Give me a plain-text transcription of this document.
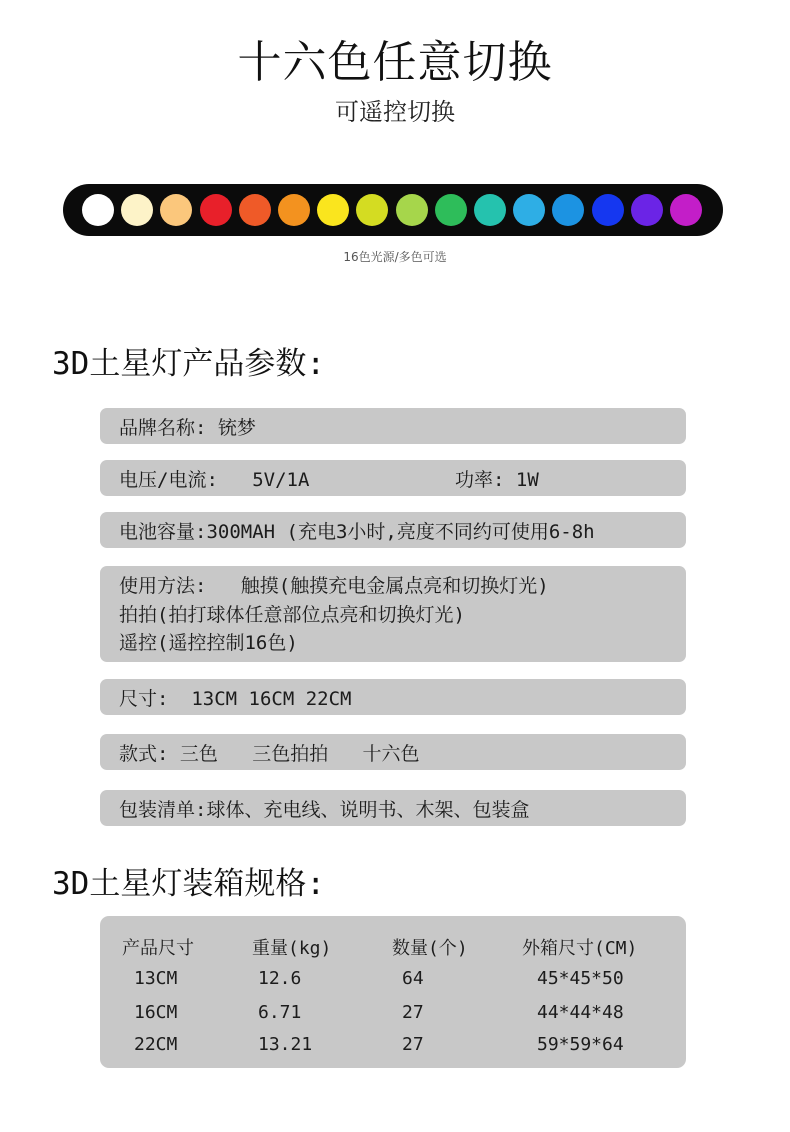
十六色任意切换
可遥控切换
16色光源/多色可选
3D土星灯产品参数:
品牌名称: 铳梦
电压/电流:   5V/1A	功率: 1W
电池容量:300MAH (充电3小时,亮度不同约可使用6-8h
使用方法:   触摸(触摸充电金属点亮和切换灯光)
拍拍(拍打球体任意部位点亮和切换灯光)
遥控(遥控控制16色)
尺寸:  13CM 16CM 22CM
款式: 三色   三色拍拍   十六色
包装清单:球体、充电线、说明书、木架、包装盒
3D土星灯装箱规格:
产品尺寸	重量(kg)	数量(个)	外箱尺寸(CM)
13CM	12.6	64	45*45*50
16CM	6.71	27	44*44*48
22CM	13.21	27	59*59*64
